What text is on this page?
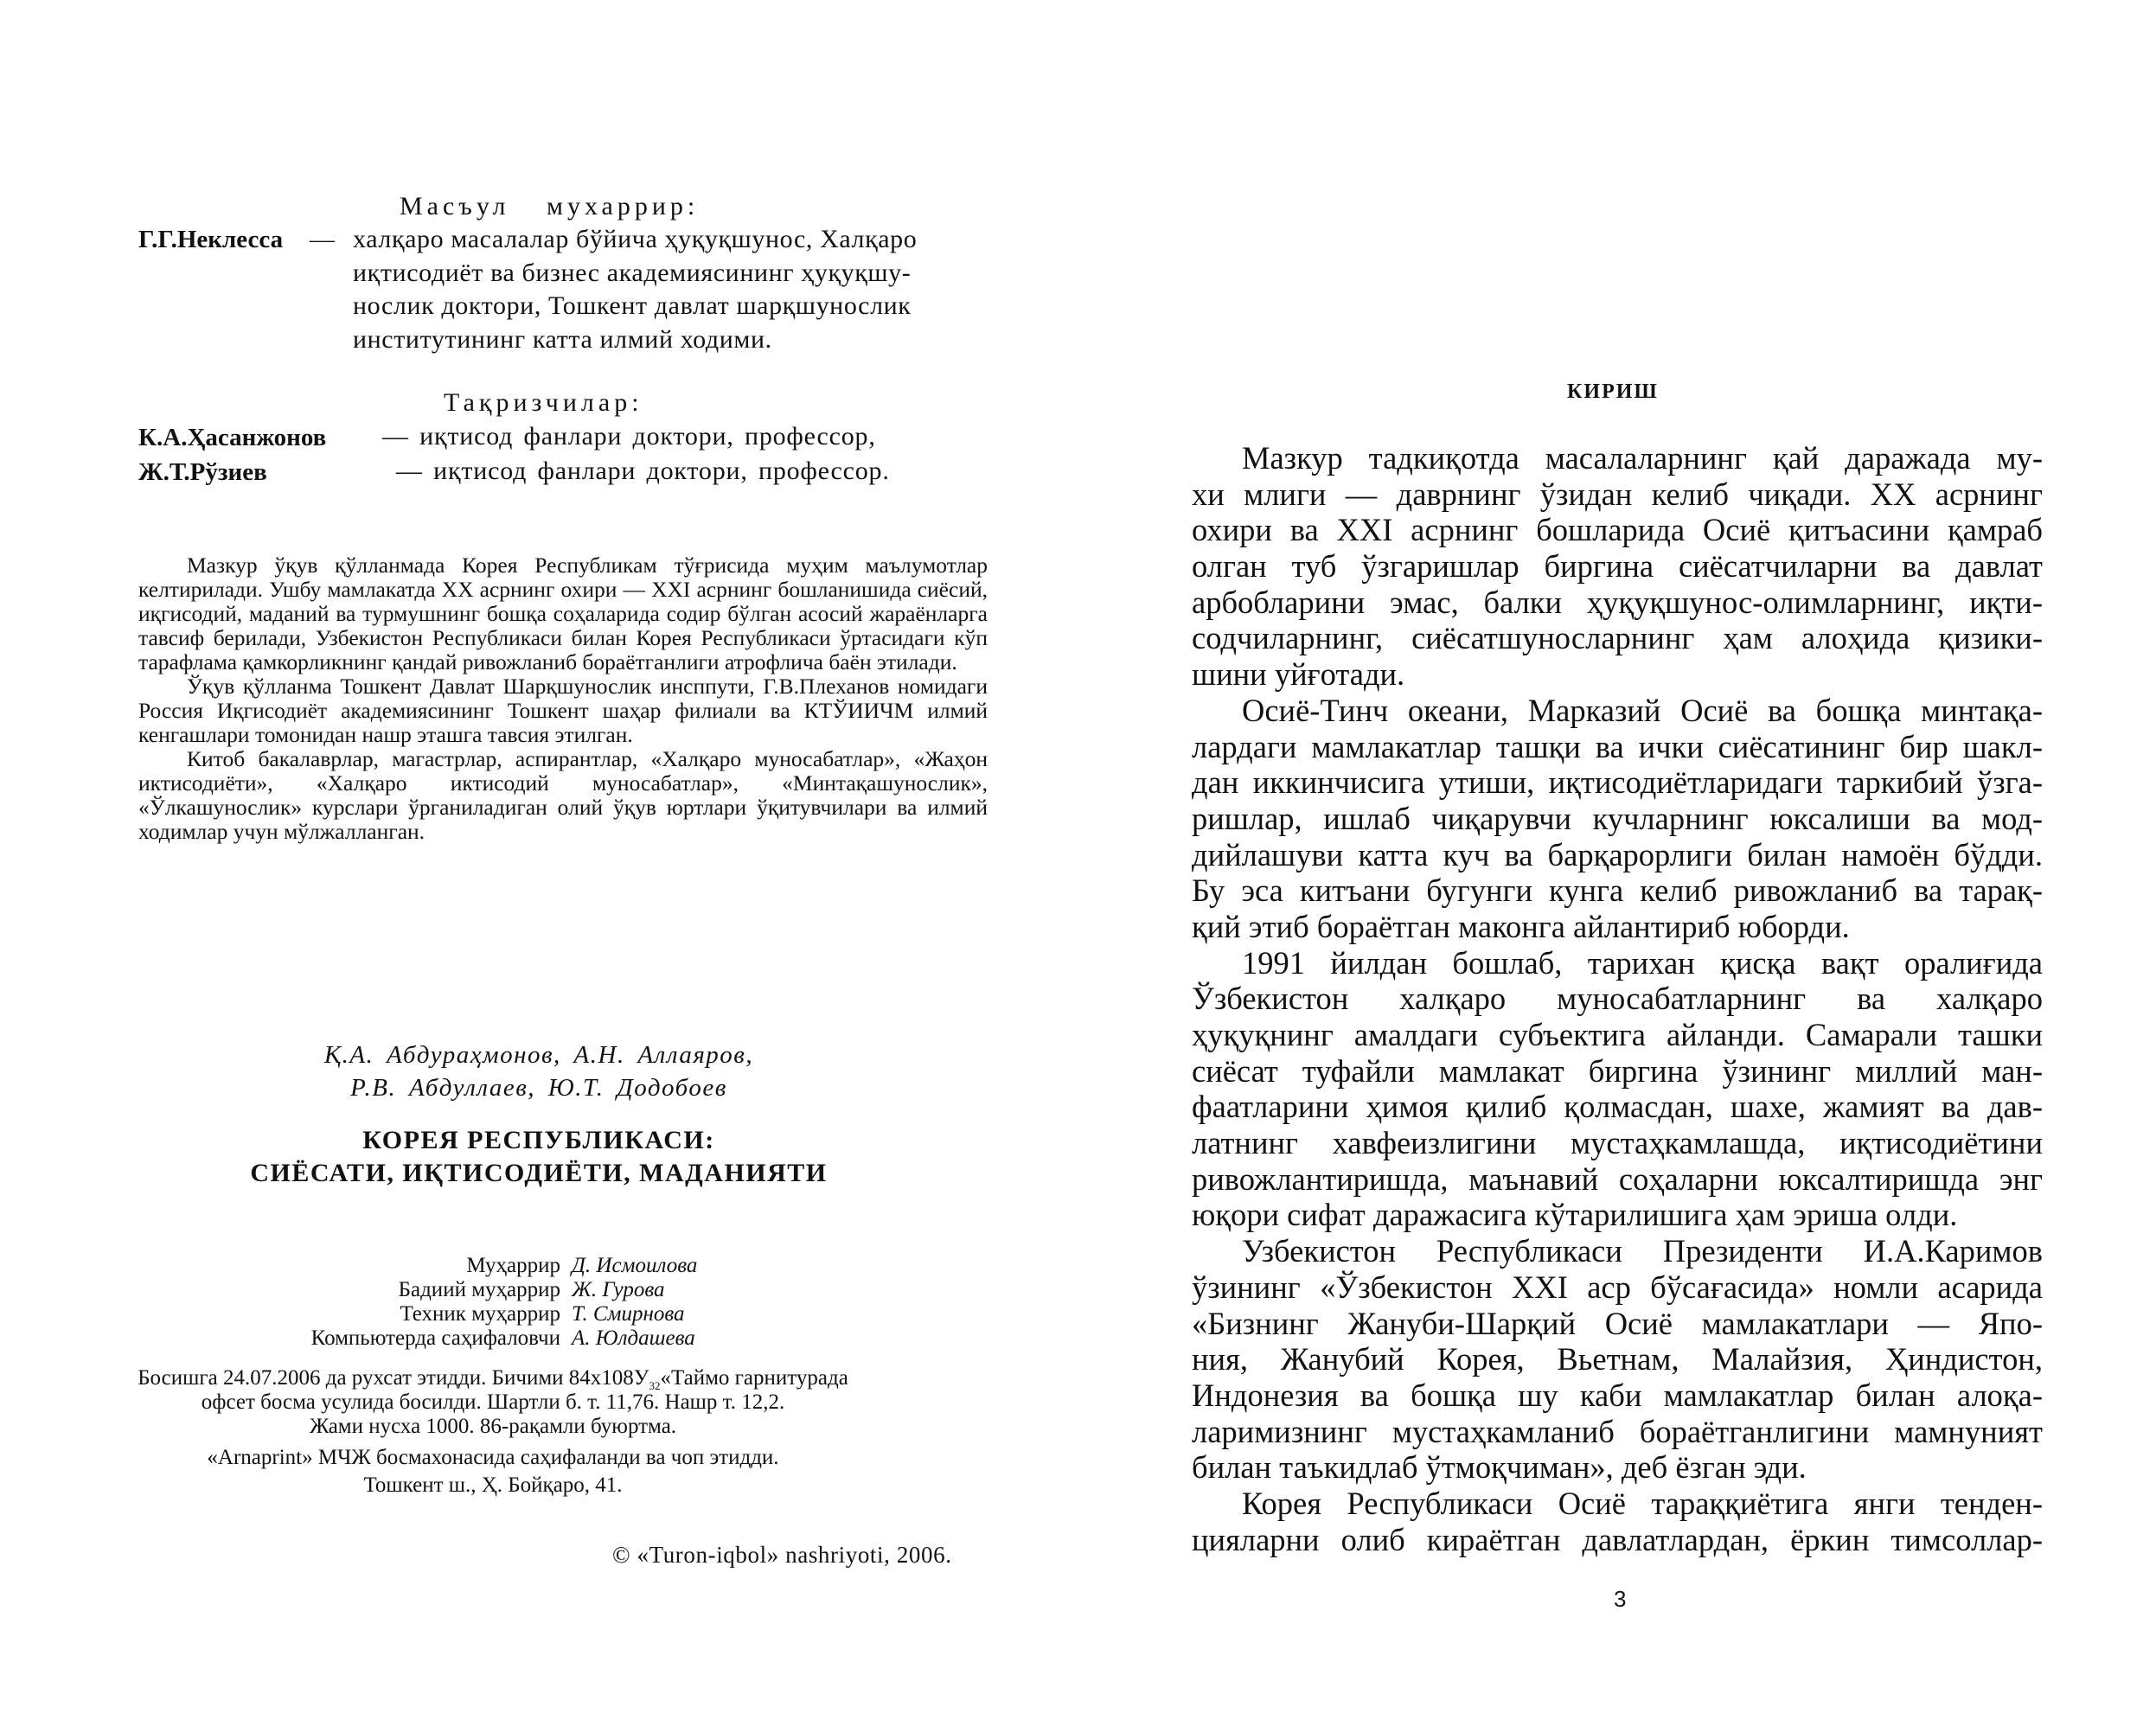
Масъул мухаррир:
Г.Г.Неклесса — халқаро масалалар бўйича ҳуқуқшунос, Халқаро
иқтисодиёт ва бизнес академиясининг ҳуқуқшу-
нослик доктори, Тошкент давлат шарқшунослик
институтининг катта илмий ходими.
Тақризчилар:
К.А.Ҳасанжонов — иқтисод фанлари доктори, профессор,
Ж.Т.Рўзиев	— иқтисод фанлари доктори, профессор.

Мазкур ўқув қўлланмада Корея Республикам тўғрисида муҳим маълумотлар келтирилади. Ушбу мамлакатда XX асрнинг охири — XXI асрнинг бошланишида сиёсий, иқгисодий, маданий ва турмушнинг бошқа соҳаларида содир бўлган асосий жараёнларга тавсиф берилади, Узбекистон Республикаси билан Корея Республикаси ўртасидаги кўп тарафлама қамкорликнинг қандай ривожланиб бораётганлиги атрофлича баён этилади.

Ўқув қўлланма Тошкент Давлат Шарқшунослик инсппути, Г.В.Плеханов номидаги Россия Иқгисодиёт академиясининг Тошкент шаҳар филиали ва КТЎИИЧМ илмий кенгашлари томонидан нашр эташга тавсия этилган.

Китоб бакалаврлар, магастрлар, аспирантлар, «Халқаро муносабатлар», «Жаҳон иктисодиёти», «Халқаро иктисодий муносабатлар», «Минтақашунослик», «Ўлкашунослик» курслари ўрганиладиган олий ўқув юртлари ўқитувчилари ва илмий ходимлар учун мўлжалланган.

Қ.А. Абдураҳмонов, А.Н. Аллаяров,
Р.В. Абдуллаев, Ю.Т. Додобоев
КОРЕЯ РЕСПУБЛИКАСИ:
СИЁСАТИ, ИҚТИСОДИЁТИ, МАДАНИЯТИ
Муҳаррир Д. Исмоилова
Бадиий муҳаррир Ж. Гурова
Техник муҳаррир Т. Смирнова
Компьютерда саҳифаловчи А. Юлдашева
Босишга 24.07.2006 да рухсат этидди. Бичими $84х108У_{32}«Таймо$ гарнитурада
офсет босма усулида босилди. Шартли б. т. 11,76. Нашр т. 12,2.
Жами нусха 1000. 86-рақамли буюртма.
«Arnaprint» МЧЖ босмахонасида саҳифаланди ва чоп этидди.
Тошкент ш., Ҳ. Бойқаро, 41.
© «Turon-iqbol» nashriyoti, 2006.
КИРИШ
Мазкур тадкиқотда масалаларнинг қай даражада му-
хи млиги — даврнинг ўзидан келиб чиқади. XX асрнинг
охири ва XXI асрнинг бошларида Осиё қитъасини қамраб
олган туб ўзгаришлар биргина сиёсатчиларни ва давлат
арбобларини эмас, балки ҳуқуқшунос-олимларнинг, иқти-
содчиларнинг, сиёсатшуносларнинг ҳам алоҳида қизики-
шини уйғотади.
Осиё-Тинч океани, Марказий Осиё ва бошқа минтақа-
лардаги мамлакатлар ташқи ва ички сиёсатининг бир шакл-
дан иккинчисига утиши, иқтисодиётларидаги таркибий ўзга-
ришлар, ишлаб чиқарувчи кучларнинг юксалиши ва мод-
дийлашуви катта куч ва барқарорлиги билан намоён бўдди.
Бу эса китъани бугунги кунга келиб ривожланиб ва тарақ-
қий этиб бораётган маконга айлантириб юборди.
1991 йилдан бошлаб, тарихан қисқа вақт оралиғида
Ўзбекистон халқаро муносабатларнинг ва халқаро
ҳуқуқнинг амалдаги субъектига айланди. Самарали ташки
сиёсат туфайли мамлакат биргина ўзининг миллий ман-
фаатларини ҳимоя қилиб қолмасдан, шахе, жамият ва дав-
латнинг хавфеизлигини мустаҳкамлашда, иқтисодиётини
ривожлантиришда, маънавий соҳаларни юксалтиришда энг
юқори сифат даражасига кўтарилишига ҳам эриша олди.
Узбекистон Республикаси Президенти И.А.Каримов
ўзининг «Ўзбекистон XXI аср бўсағасида» номли асарида
«Бизнинг Жануби-Шарқий Осиё мамлакатлари — Япо-
ния, Жанубий Корея, Вьетнам, Малайзия, Ҳиндистон,
Индонезия ва бошқа шу каби мамлакатлар билан алоқа-
ларимизнинг мустаҳкамланиб бораётганлигини мамнуният
билан таъкидлаб ўтмоқчиман», деб ёзган эди.
Корея Республикаси Осиё тараққиётига янги тенден-
цияларни олиб кираётган давлатлардан, ёркин тимсоллар-
3
